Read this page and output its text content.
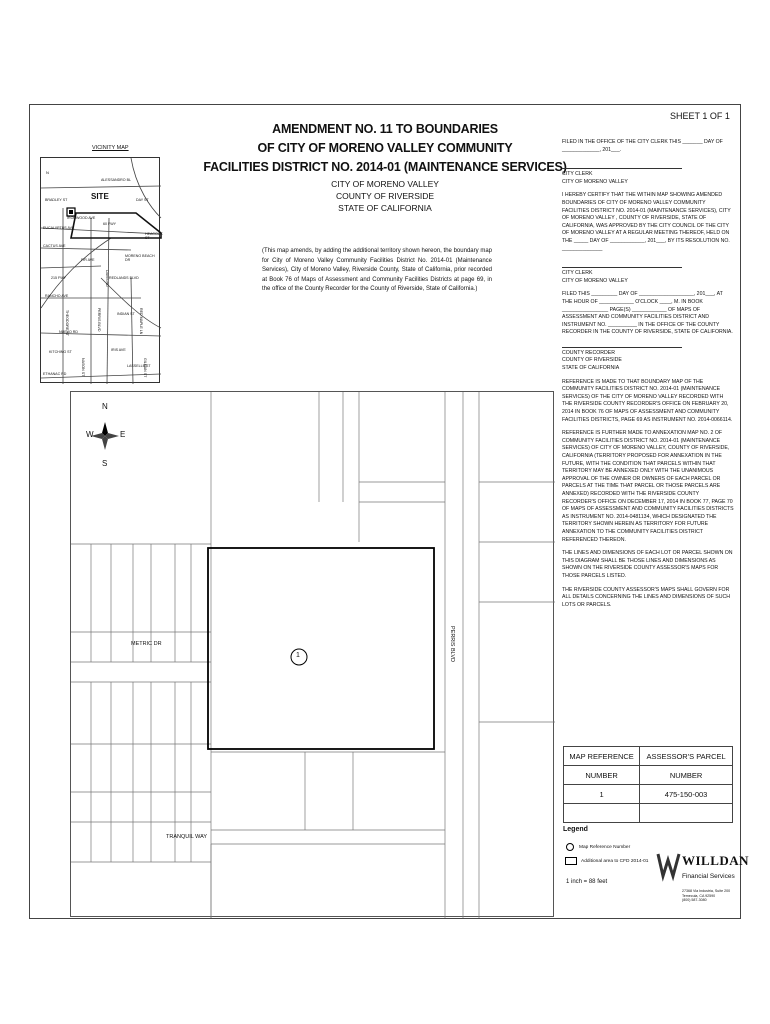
SHEET 1 OF 1
AMENDMENT NO. 11 TO BOUNDARIES
OF CITY OF MORENO VALLEY COMMUNITY
FACILITIES DISTRICT NO. 2014-01 (MAINTENANCE SERVICES)
CITY OF MORENO VALLEY
COUNTY OF RIVERSIDE
STATE OF CALIFORNIA
(This map amends, by adding the additional territory shown hereon, the boundary map for City of Moreno Valley Community Facilities District No. 2014-01 (Maintenance Services), City of Moreno Valley, Riverside County, State of California, prior recorded at Book 76 of Maps of Assessment and Community Facilities Districts at page 69, in the office of the County Recorder for the County of Riverside, State of California.)
VICINITY MAP
SITE
N
ALESSANDRO BL
EUCALYPTUS AVE
IRONWOOD AVE
CACTUS AVE
FIR AVE
RANCHO AVE
NUEVO RD
IRIS AVE
ETHANAC RD
DAY ST
PERRIS BLVD
REDLANDS BLVD
DAVIS RD
RED MAPLE LN
60 FWY
215 FWY
HEACOCK ST
MORENO BEACH DR
THEODORE ST
KITCHING ST
INDIAN ST
NASON ST	LASSELLE ST
BRADLEY ST
GILMAN ST
N
S
W	E
METRIC DR	PERRIS BLVD
TRANQUIL WAY
1

FILED IN THE OFFICE OF THE CITY CLERK THIS _______ DAY OF _____________, 201___.

CITY CLERK

CITY OF MORENO VALLEY

I HEREBY CERTIFY THAT THE WITHIN MAP SHOWING AMENDED BOUNDARIES OF CITY OF MORENO VALLEY COMMUNITY FACILITIES DISTRICT NO. 2014-01 (MAINTENANCE SERVICES), CITY OF MORENO VALLEY , COUNTY OF RIVERSIDE, STATE OF CALIFORNIA, WAS APPROVED BY THE CITY COUNCIL OF THE CITY OF MORENO VALLEY AT A REGULAR MEETING THEREOF, HELD ON THE _____ DAY OF ____________, 201___, BY ITS RESOLUTION NO. ______________

CITY CLERK

CITY OF MORENO VALLEY

FILED THIS _________ DAY OF ___________________, 201___, AT THE HOUR OF ____________ O'CLOCK ____, M. IN BOOK ________________ PAGE(S) ____________ OF MAPS OF ASSESSMENT AND COMMUNITY FACILITIES DISTRICT AND INSTRUMENT NO. __________ IN THE OFFICE OF THE COUNTY RECORDER IN THE COUNTY OF RIVERSIDE, STATE OF CALIFORNIA.

COUNTY RECORDER
COUNTY OF RIVERSIDE

STATE OF CALIFORNIA

REFERENCE IS MADE TO THAT BOUNDARY MAP OF THE COMMUNITY FACILITIES DISTRICT NO. 2014-01 (MAINTENANCE SERVICES) OF THE CITY OF MORENO VALLEY RECORDED WITH THE RIVERSIDE COUNTY RECORDER'S OFFICE ON FEBRUARY 20, 2014 IN BOOK 76 OF MAPS OF ASSESSMENT AND COMMUNITY FACILITIES DISTRICTS, PAGE 69 AS INSTRUMENT NO. 2014-0066114.

REFERENCE IS FURTHER MADE TO ANNEXATION MAP NO. 2 OF COMMUNITY FACILITIES DISTRICT NO. 2014-01 (MAINTENANCE SERVICES) OF CITY OF MORENO VALLEY, COUNTY OF RIVERSIDE, CALIFORNIA (TERRITORY PROPOSED FOR ANNEXATION IN THE FUTURE, WITH THE CONDITION THAT PARCELS WITHIN THAT TERRITORY MAY BE ANNEXED ONLY WITH THE UNANIMOUS APPROVAL OF THE OWNER OR OWNERS OF EACH PARCEL OR PARCELS AT THE TIME THAT PARCEL OR THOSE PARCELS ARE ANNEXED) RECORDED WITH THE RIVERSIDE COUNTY RECORDER'S OFFICE ON DECEMBER 17, 2014 IN BOOK 77, PAGE 70 OF MAPS OF ASSESSMENT AND COMMUNITY FACILITIES DISTRICTS AS INSTRUMENT NO. 2014-0481134, WHICH DESIGNATED THE TERRITORY SHOWN HEREIN AS TERRITORY FOR FUTURE ANNEXATION TO THE COMMUNITY FACILITIES DISTRICT REFERENCED THEREON.

THE LINES AND DIMENSIONS OF EACH LOT OR PARCEL SHOWN ON THIS DIAGRAM SHALL BE THOSE LINES AND DIMENSIONS AS SHOWN ON THE RIVERSIDE COUNTY ASSESSOR'S MAPS FOR THOSE PARCELS LISTED.

THE RIVERSIDE COUNTY ASSESSOR'S MAPS SHALL GOVERN FOR ALL DETAILS CONCERNING THE LINES AND DIMENSIONS OF SUCH LOTS OR PARCELS.

MAP REFERENCE	ASSESSOR'S PARCEL
NUMBER	NUMBER
1	475-150-003

Legend
Map Reference Number
Additional area to CFD 2014-01
1 inch = 88 feet
WILLDAN
Financial Services
27368 Via Industria, Suite 200
Temecula, CA 92590
(800) 587-3080
